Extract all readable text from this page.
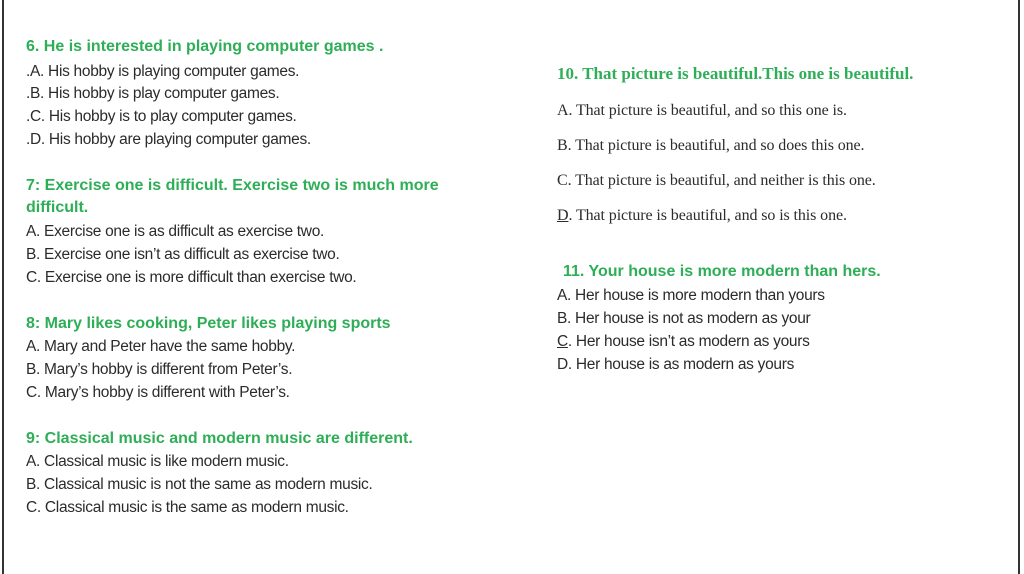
6. He is interested in playing computer games .

.A. His hobby is playing computer games.

.B. His hobby is play computer games.

.C. His hobby is to play computer games.

.D. His hobby are playing computer games.

7: Exercise one is difficult. Exercise two is much more

difficult.

A. Exercise one is as difficult as exercise two.

B. Exercise one isn’t as difficult as exercise two.

C. Exercise one is more difficult than exercise two.

8: Mary likes cooking, Peter likes playing sports

A. Mary and Peter have the same hobby.

B. Mary’s hobby is different from Peter’s.

C. Mary’s hobby is different with Peter’s.

9: Classical music and modern music are different.

A. Classical music is like modern music.

B. Classical music is not the same as modern music.

C. Classical music is the same as modern music.

10. That picture is beautiful.This one is beautiful.

A. That picture is beautiful, and so this one is.

B. That picture is beautiful, and so does this one.

C. That picture is beautiful, and neither is this one.

D. That picture is beautiful, and so is this one.

11. Your house is more modern than hers.

A. Her house is more modern than yours

B. Her house is not as modern as your

C. Her house isn’t as modern as yours

D. Her house is as modern as yours
